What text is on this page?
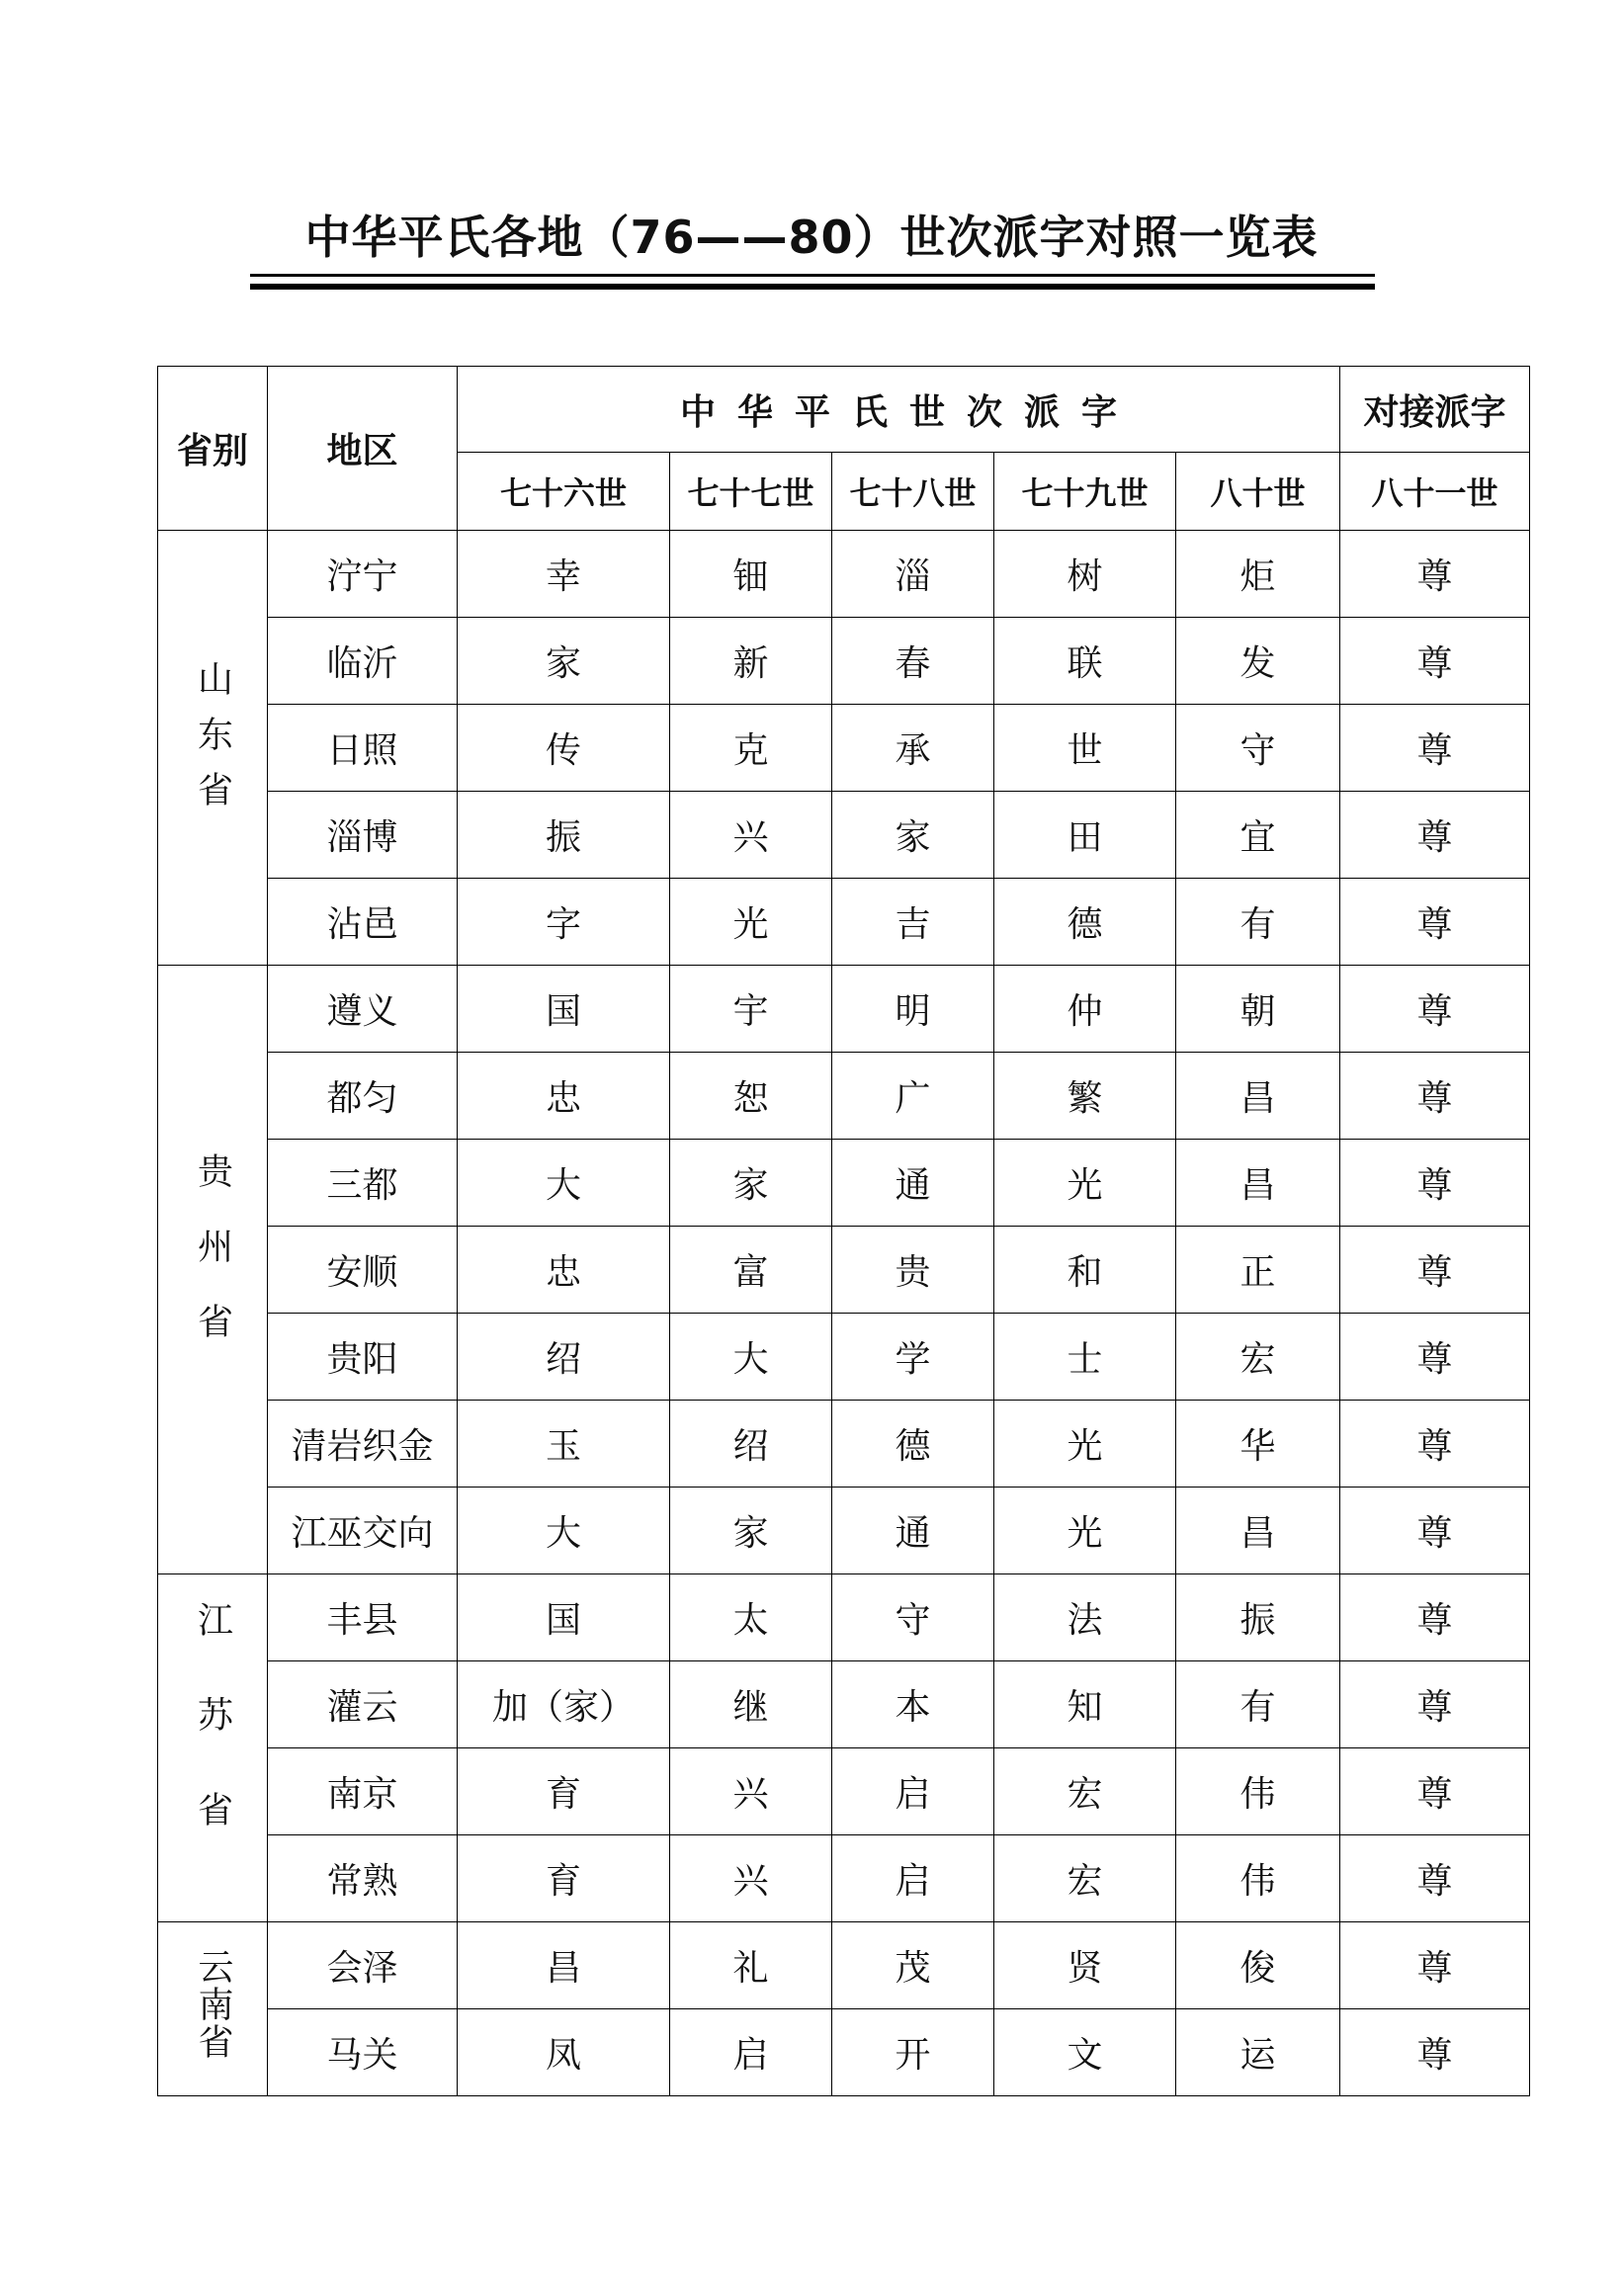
中华平氏各地（76——80）世次派字对照一览表
省别	地区	中华平氏世次派字					对接派字
		七十六世	七十七世	七十八世	七十九世	八十世	八十一世
山东省	泞宁	幸	钿	淄	树	炬	尊
	临沂	家	新	春	联	发	尊
	日照	传	克	承	世	守	尊
	淄博	振	兴	家	田	宜	尊
	沾邑	字	光	吉	德	有	尊
贵州省	遵义	国	宇	明	仲	朝	尊
	都匀	忠	恕	广	繁	昌	尊
	三都	大	家	通	光	昌	尊
	安顺	忠	富	贵	和	正	尊
	贵阳	绍	大	学	士	宏	尊
	清岩织金	玉	绍	德	光	华	尊
	江巫交向	大	家	通	光	昌	尊
江苏省	丰县	国	太	守	法	振	尊
	灌云	加（家）	继	本	知	有	尊
	南京	育	兴	启	宏	伟	尊
	常熟	育	兴	启	宏	伟	尊
云南省	会泽	昌	礼	茂	贤	俊	尊
	马关	凤	启	开	文	运	尊
